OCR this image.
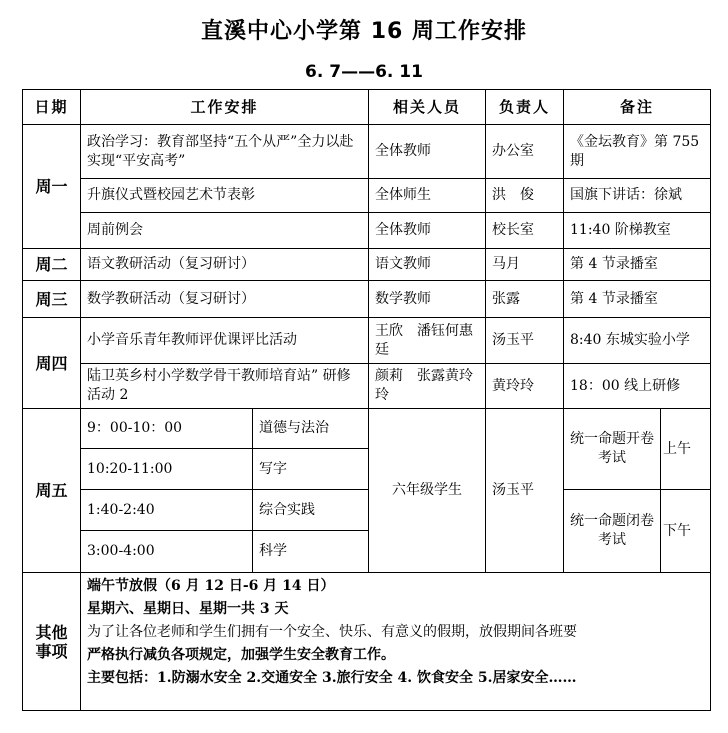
直溪中心小学第 16 周工作安排
6. 7——6. 11
日期	工作安排		相关人员	负责人	备注	
周一	政治学习：教育部坚持“五个从严”全力以赴实现“平安高考”		全体教师	办公室	《金坛教育》第 755 期	
	升旗仪式暨校园艺术节表彰		全体师生	洪　俊	国旗下讲话：徐斌	
	周前例会		全体教师	校长室	11:40 阶梯教室	
周二	语文教研活动（复习研讨）		语文教师	马月	第 4 节录播室	
周三	数学教研活动（复习研讨）		数学教师	张露	第 4 节录播室	
周四	小学音乐青年教师评优课评比活动		王欣　潘钰何惠廷	汤玉平	8:40 东城实验小学	
	陆卫英乡村小学数学骨干教师培育站” 研修活动 2		颜莉　张露黄玲玲	黄玲玲	18：00 线上研修	
周五	9：00-10：00	道德与法治	六年级学生	汤玉平	统一命题开卷考试	上午
	10:20-11:00	写字				
	1:40-2:40	综合实践			统一命题闭卷考试	下午
	3:00-4:00	科学				
其他事项	端午节放假（6 月 12 日-6 月 14 日）
星期六、星期日、星期一共 3 天
为了让各位老师和学生们拥有一个安全、快乐、有意义的假期，放假期间各班要
严格执行减负各项规定，加强学生安全教育工作。
主要包括：1.防溺水安全 2.交通安全 3.旅行安全 4. 饮食安全 5.居家安全……					
